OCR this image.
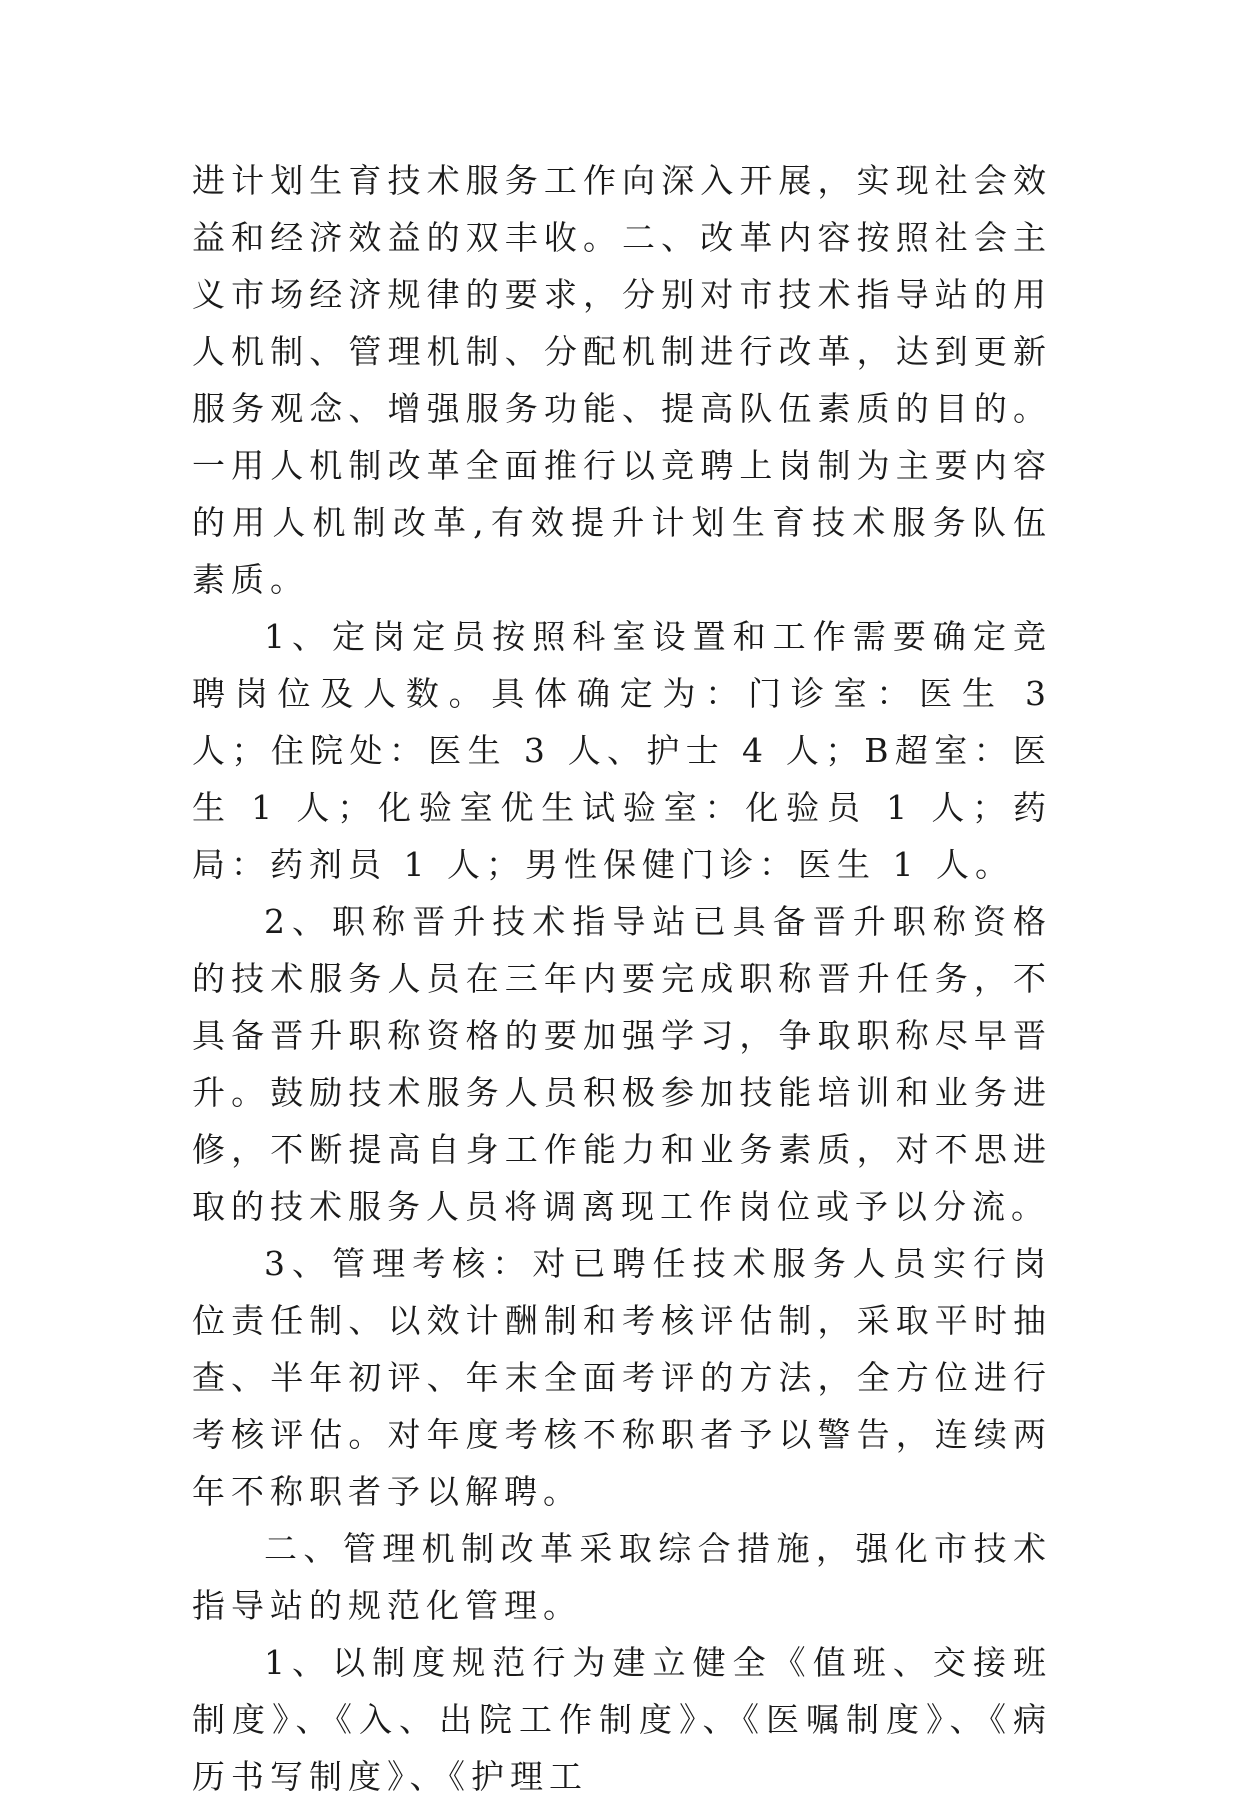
进计划生育技术服务工作向深入开展，实现社会效益和经济效益的双丰收。二、改革内容按照社会主义市场经济规律的要求，分别对市技术指导站的用人机制、管理机制、分配机制进行改革，达到更新服务观念、增强服务功能、提高队伍素质的目的。一用人机制改革全面推行以竞聘上岗制为主要内容的用人机制改革,有效提升计划生育技术服务队伍素质。

1、定岗定员按照科室设置和工作需要确定竞聘岗位及人数。具体确定为：门诊室：医生 3 人；住院处：医生 3 人、护士 4 人；B超室：医生 1 人；化验室优生试验室：化验员 1 人；药局：药剂员 1 人；男性保健门诊：医生 1 人。

2、职称晋升技术指导站已具备晋升职称资格的技术服务人员在三年内要完成职称晋升任务，不具备晋升职称资格的要加强学习，争取职称尽早晋升。鼓励技术服务人员积极参加技能培训和业务进修，不断提高自身工作能力和业务素质，对不思进取的技术服务人员将调离现工作岗位或予以分流。

3、管理考核：对已聘任技术服务人员实行岗位责任制、以效计酬制和考核评估制，采取平时抽查、半年初评、年末全面考评的方法，全方位进行考核评估。对年度考核不称职者予以警告，连续两年不称职者予以解聘。

二、管理机制改革采取综合措施，强化市技术指导站的规范化管理。

1、以制度规范行为建立健全《值班、交接班制度》、《入、出院工作制度》、《医嘱制度》、《病历书写制度》、《护理工
